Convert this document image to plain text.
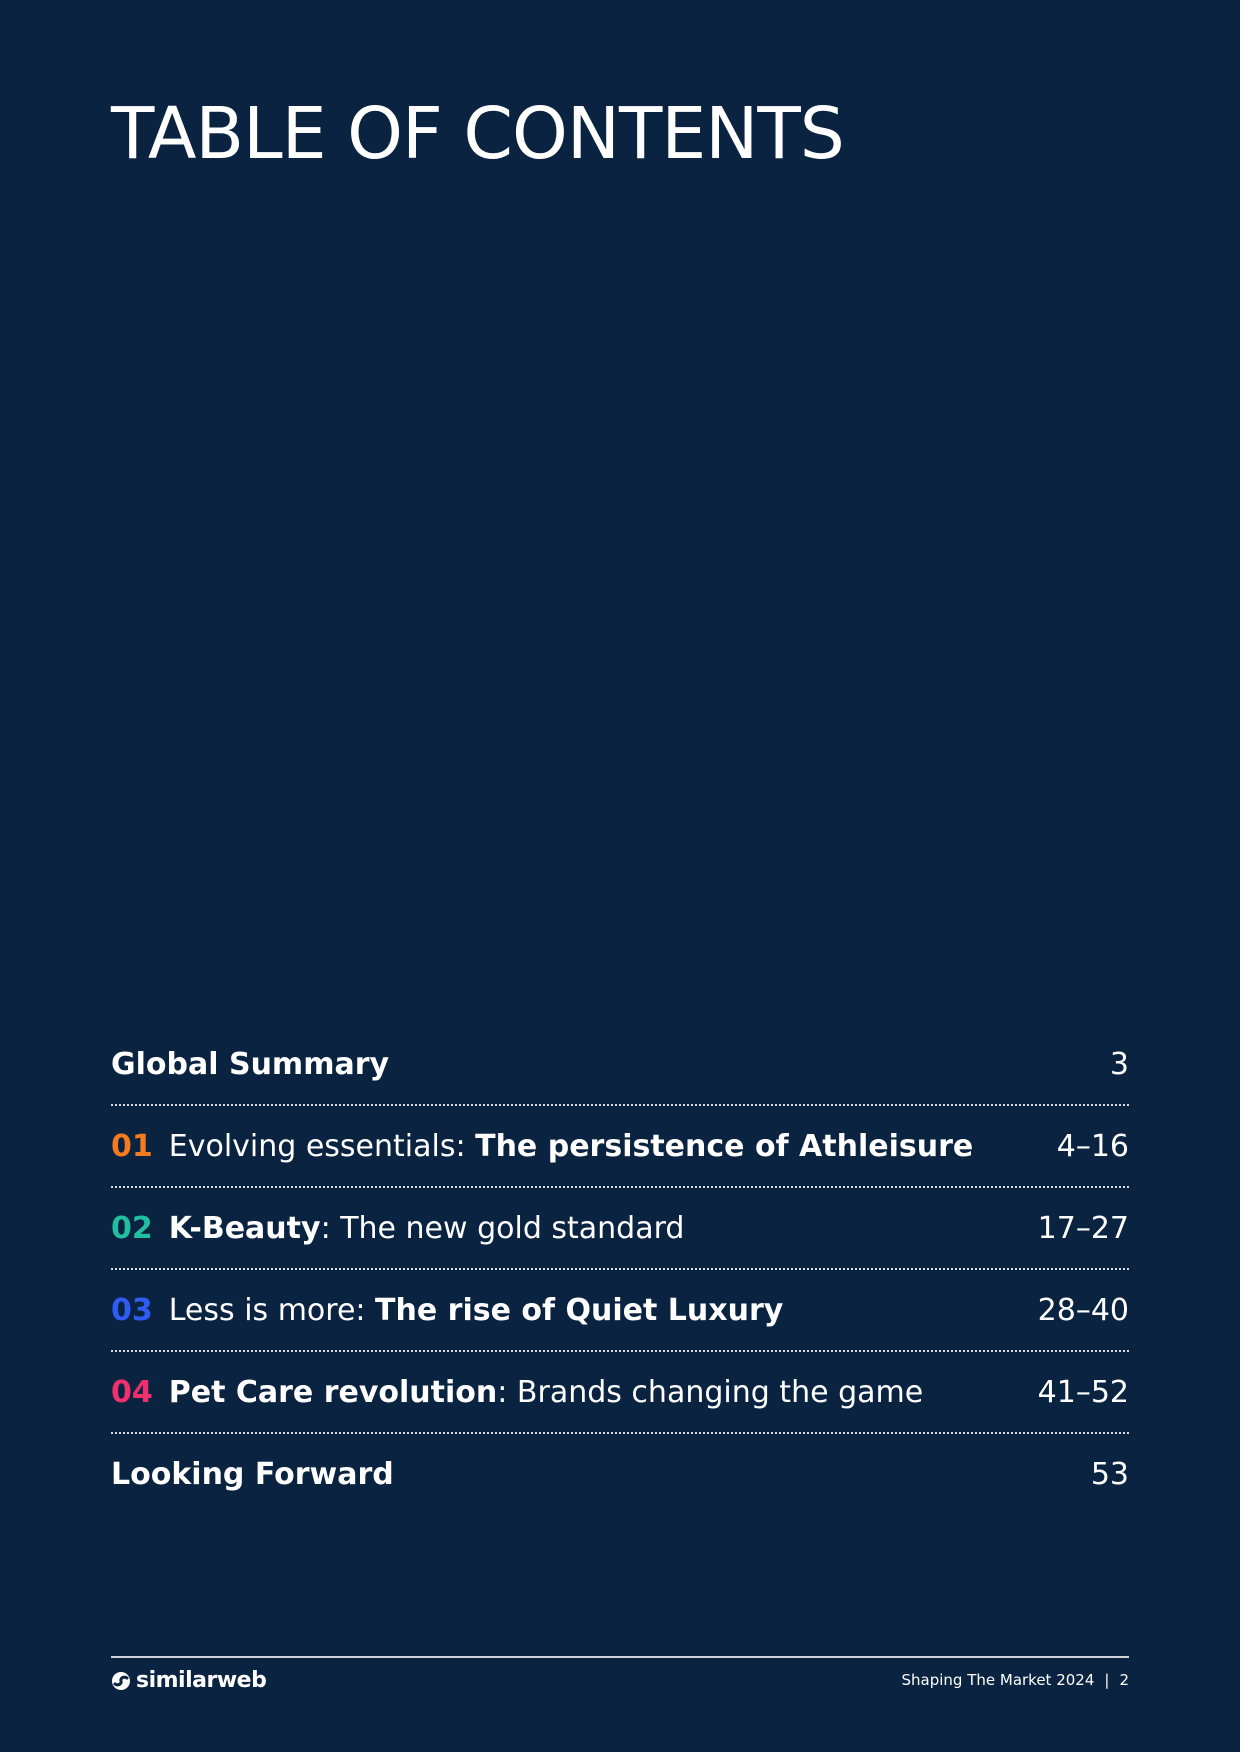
TABLE OF CONTENTS
Global Summary	3
01 Evolving essentials: The persistence of Athleisure	4–16
02 K-Beauty : The new gold standard	17–27
03 Less is more: The rise of Quiet Luxury	28–40
04 Pet Care revolution : Brands changing the game	41–52
Looking Forward	53
similarweb	Shaping The Market 2024 | 2
